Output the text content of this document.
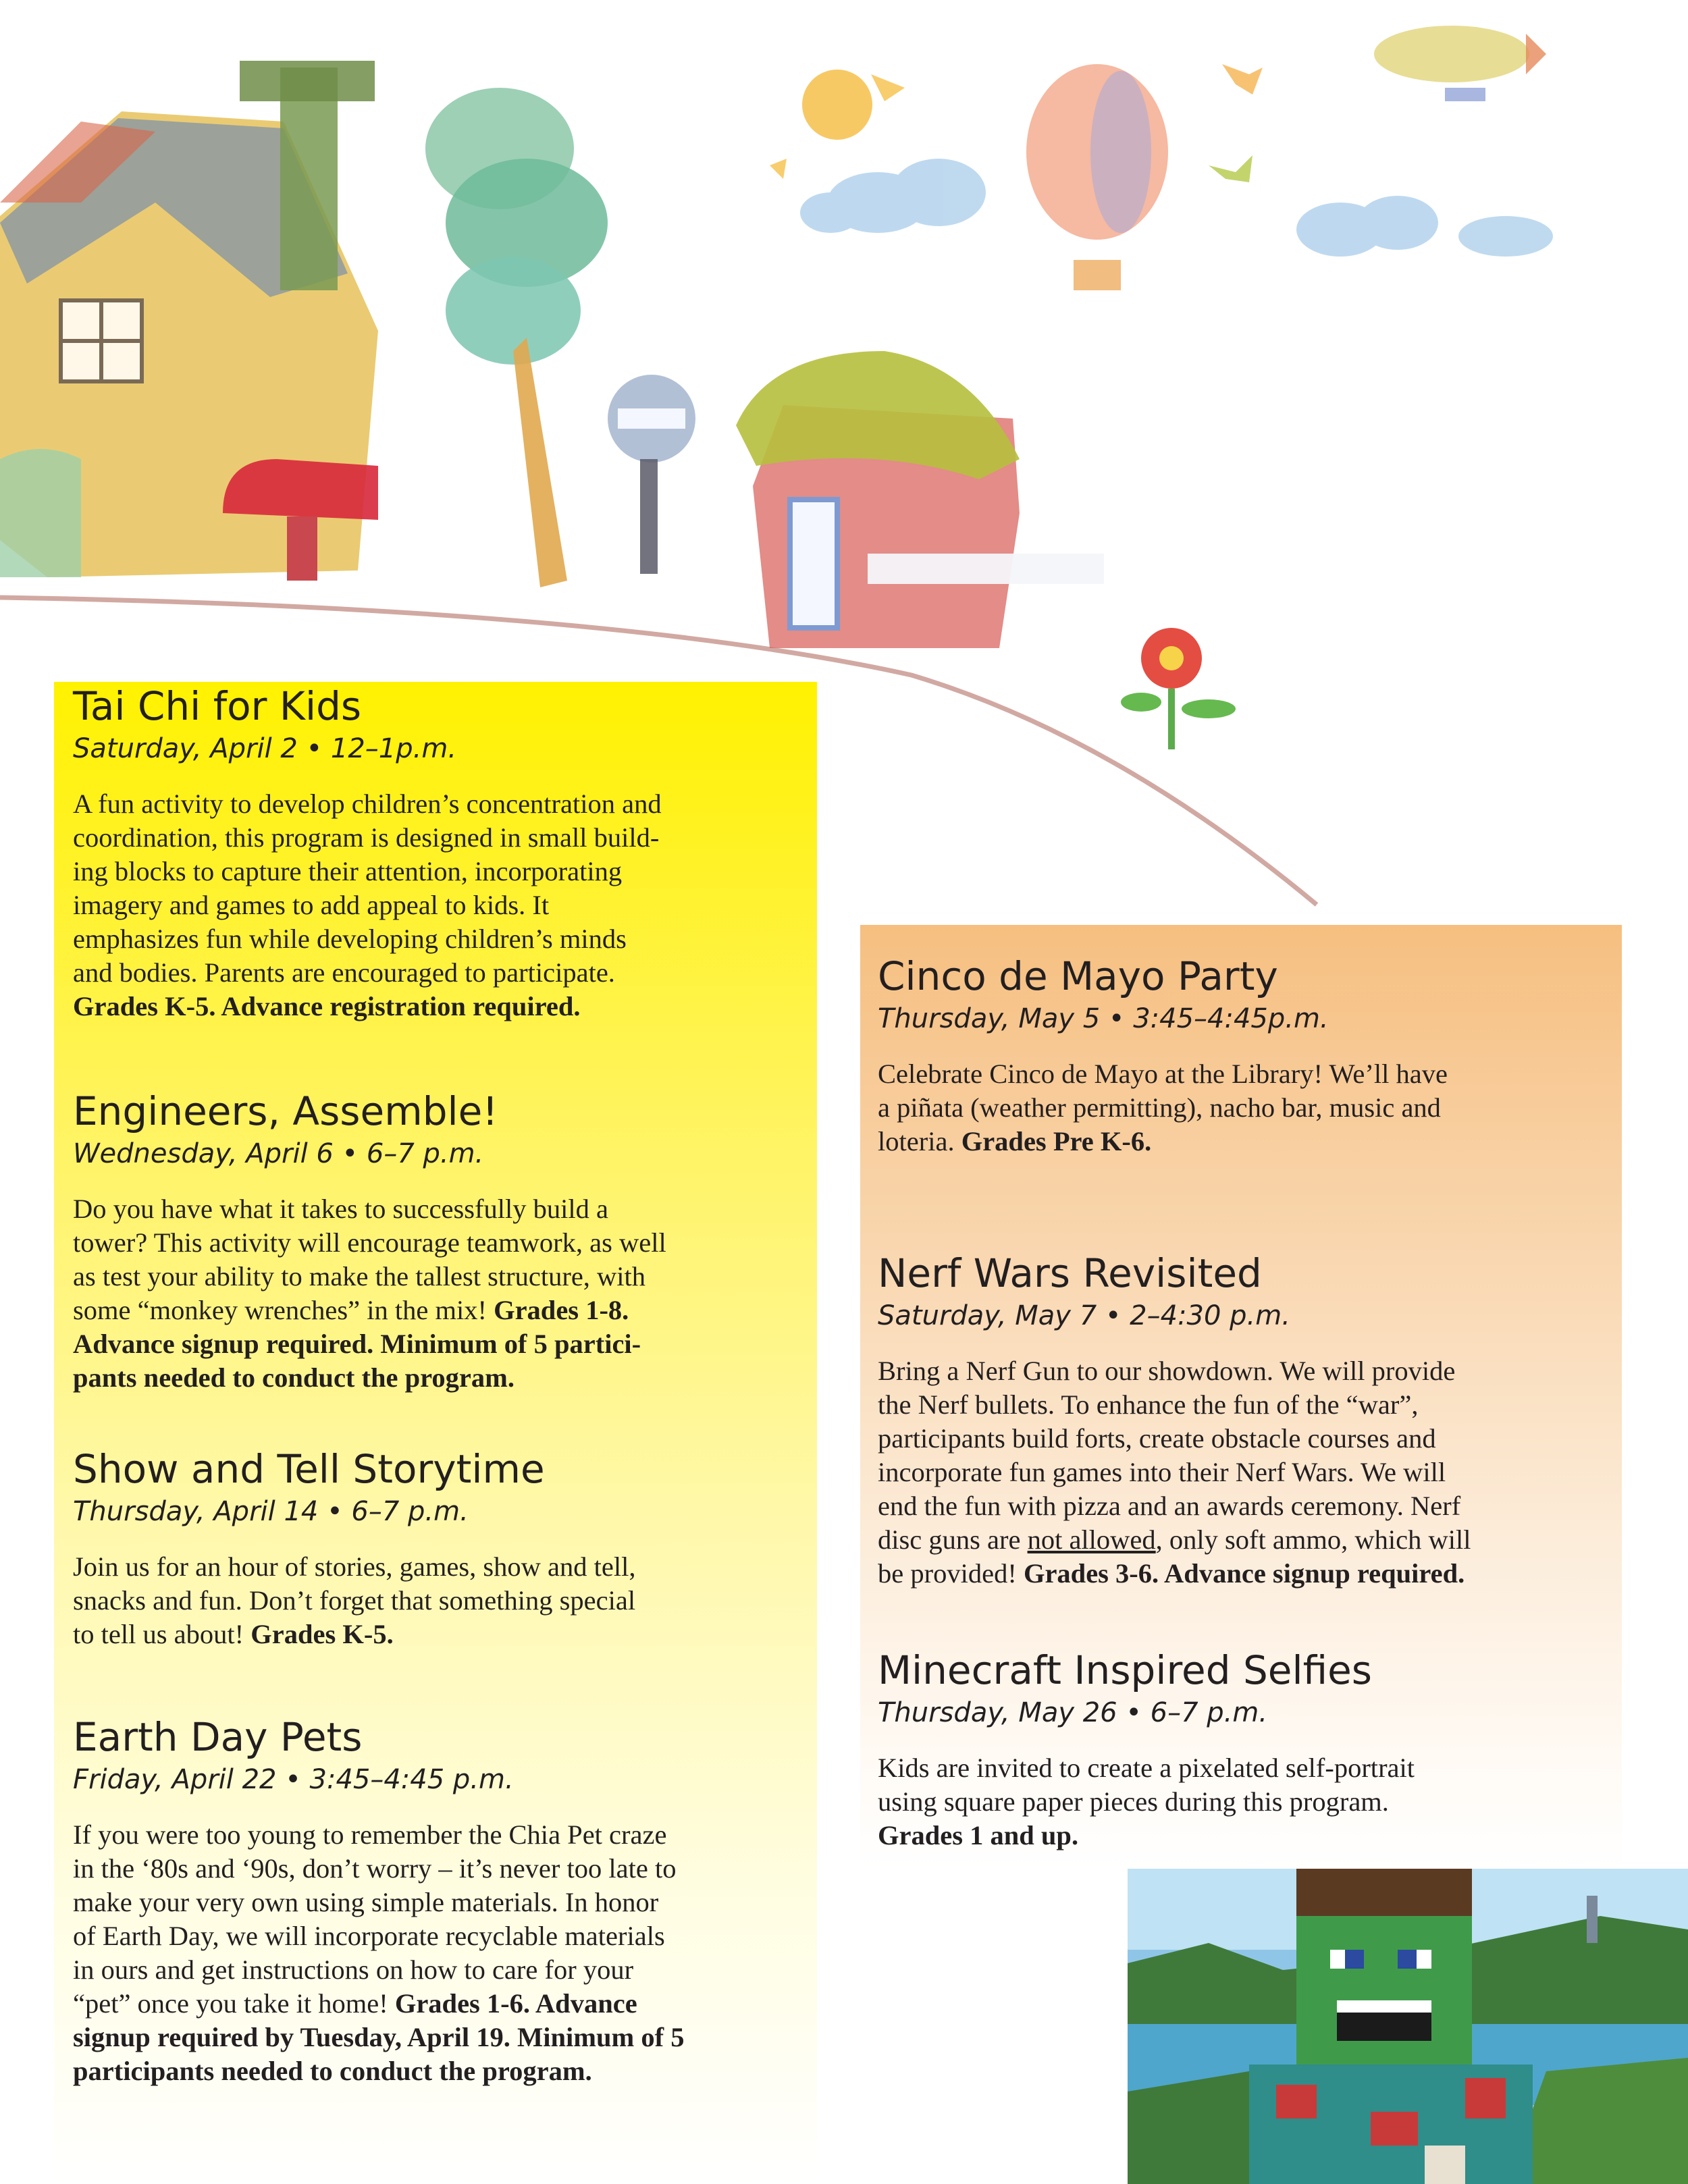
Tai Chi for Kids

Saturday, April 2 • 12–1p.m.

A fun activity to develop children’s concentration and
coordination, this program is designed in small build-
ing blocks to capture their attention, incorporating
imagery and games to add appeal to kids. It
emphasizes fun while developing children’s minds
and bodies. Parents are encouraged to participate.
Grades K-5. Advance registration required.

Engineers, Assemble!

Wednesday, April 6 • 6–7 p.m.

Do you have what it takes to successfully build a
tower? This activity will encourage teamwork, as well
as test your ability to make the tallest structure, with
some “monkey wrenches” in the mix! Grades 1-8.
Advance signup required. Minimum of 5 partici-
pants needed to conduct the program.

Show and Tell Storytime

Thursday, April 14 • 6–7 p.m.

Join us for an hour of stories, games, show and tell,
snacks and fun. Don’t forget that something special
to tell us about! Grades K-5.

Earth Day Pets

Friday, April 22 • 3:45–4:45 p.m.

If you were too young to remember the Chia Pet craze
in the ‘80s and ‘90s, don’t worry – it’s never too late to
make your very own using simple materials. In honor
of Earth Day, we will incorporate recyclable materials
in ours and get instructions on how to care for your
“pet” once you take it home! Grades 1-6. Advance
signup required by Tuesday, April 19. Minimum of 5
participants needed to conduct the program.

Cinco de Mayo Party

Thursday, May 5 • 3:45–4:45p.m.

Celebrate Cinco de Mayo at the Library! We’ll have
a piñata (weather permitting), nacho bar, music and
loteria. Grades Pre K-6.

Nerf Wars Revisited

Saturday, May 7 • 2–4:30 p.m.

Bring a Nerf Gun to our showdown. We will provide
the Nerf bullets. To enhance the fun of the “war”,
participants build forts, create obstacle courses and
incorporate fun games into their Nerf Wars. We will
end the fun with pizza and an awards ceremony. Nerf
disc guns are not allowed, only soft ammo, which will
be provided! Grades 3-6. Advance signup required.

Minecraft Inspired Selfies

Thursday, May 26 • 6–7 p.m.

Kids are invited to create a pixelated self-portrait
using square paper pieces during this program.
Grades 1 and up.
